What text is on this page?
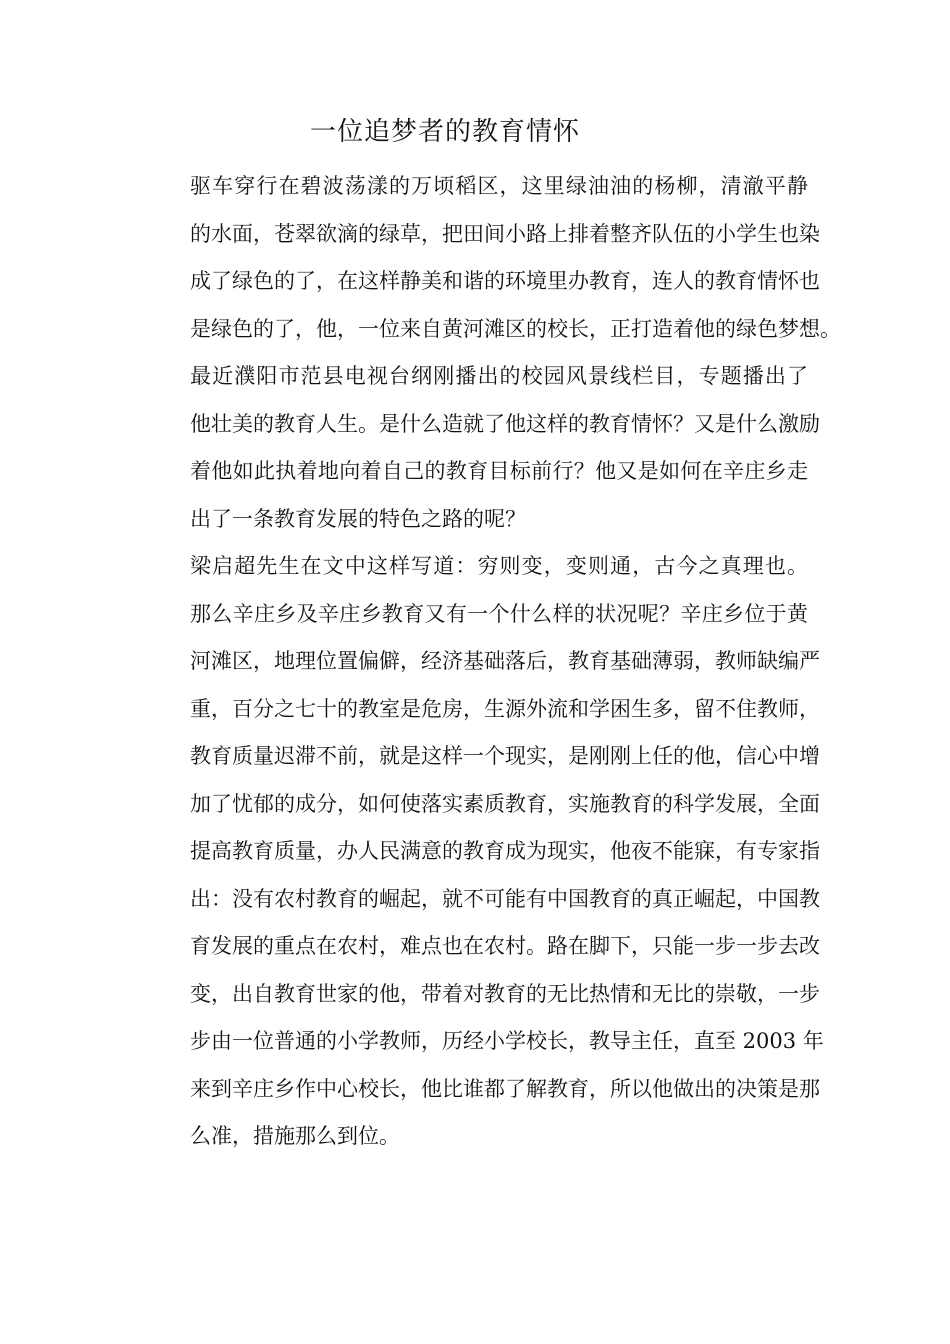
一位追梦者的教育情怀

驱车穿行在碧波荡漾的万顷稻区，这里绿油油的杨柳，清澈平静
的水面，苍翠欲滴的绿草，把田间小路上排着整齐队伍的小学生也染
成了绿色的了，在这样静美和谐的环境里办教育，连人的教育情怀也
是绿色的了，他，一位来自黄河滩区的校长，正打造着他的绿色梦想。

最近濮阳市范县电视台纲刚播出的校园风景线栏目，专题播出了
他壮美的教育人生。是什么造就了他这样的教育情怀？又是什么激励
着他如此执着地向着自己的教育目标前行？他又是如何在辛庄乡走
出了一条教育发展的特色之路的呢？

梁启超先生在文中这样写道：穷则变，变则通，古今之真理也。
那么辛庄乡及辛庄乡教育又有一个什么样的状况呢？辛庄乡位于黄
河滩区，地理位置偏僻，经济基础落后，教育基础薄弱，教师缺编严
重，百分之七十的教室是危房，生源外流和学困生多，留不住教师，
教育质量迟滞不前，就是这样一个现实，是刚刚上任的他，信心中增
加了忧郁的成分，如何使落实素质教育，实施教育的科学发展，全面
提高教育质量，办人民满意的教育成为现实，他夜不能寐，有专家指
出：没有农村教育的崛起，就不可能有中国教育的真正崛起，中国教
育发展的重点在农村，难点也在农村。路在脚下，只能一步一步去改
变，出自教育世家的他，带着对教育的无比热情和无比的崇敬，一步
步由一位普通的小学教师，历经小学校长，教导主任，直至 2003 年
来到辛庄乡作中心校长，他比谁都了解教育，所以他做出的决策是那
么准，措施那么到位。
